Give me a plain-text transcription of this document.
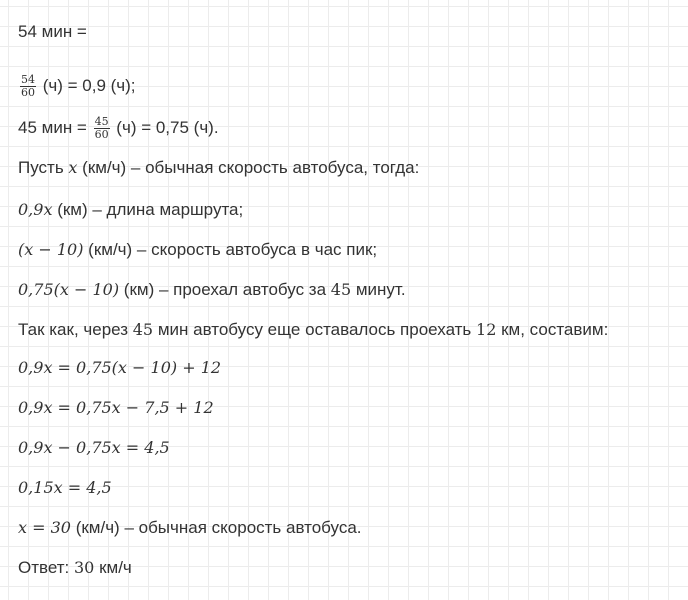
54 мин =
$\frac{54}{60} (ч) = 0,9$ (ч);
45 мин = $\frac{45}{60} (ч) = 0,75$ (ч).
Пусть x (км/ч) – обычная скорость автобуса, тогда:
0,9x (км) – длина маршрута;
(x − 10) (км/ч) – скорость автобуса в час пик;
0,75(x − 10) (км) – проехал автобус за 45 минут.
Так как, через 45 мин автобусу еще оставалось проехать 12 км, составим:
0,9x = 0,75(x − 10) + 12
0,9x = 0,75x − 7,5 + 12
0,9x − 0,75x = 4,5
0,15x = 4,5
x = 30 (км/ч) – обычная скорость автобуса.
Ответ: 30 км/ч
